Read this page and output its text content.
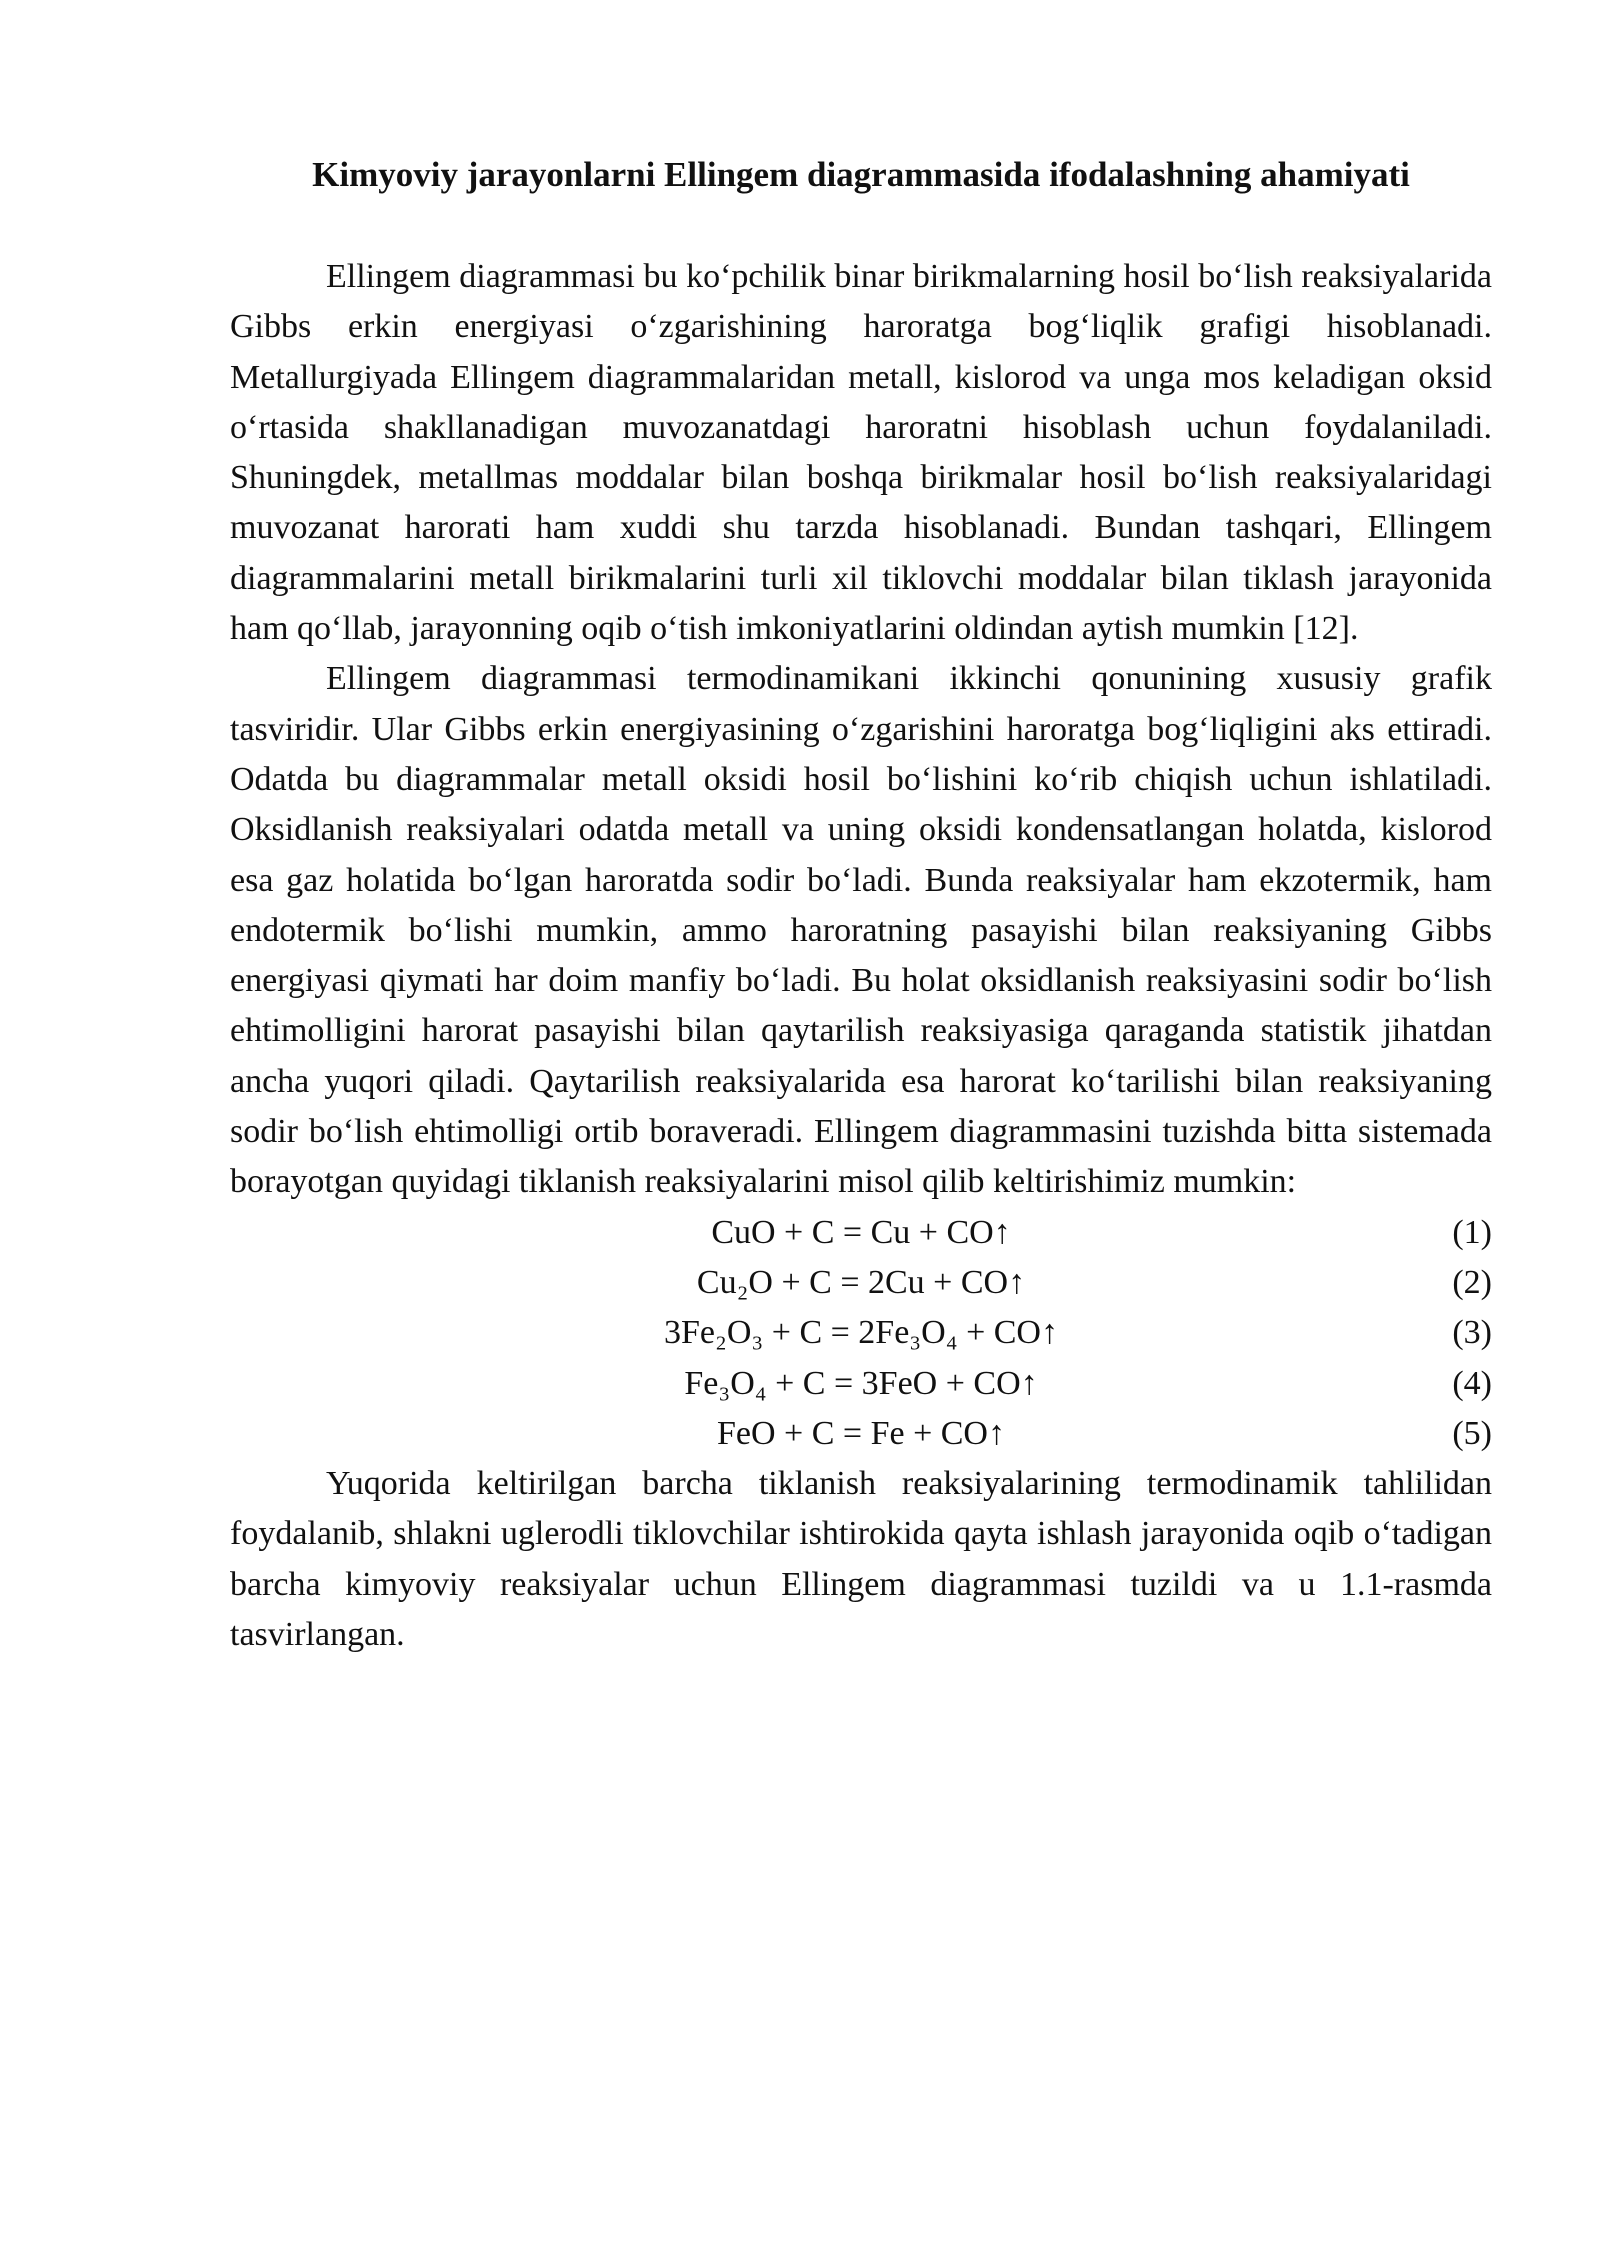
Kimyoviy jarayonlarni Ellingem diagrammasida ifodalashning ahamiyati

Ellingem diagrammasi bu ko‘pchilik binar birikmalarning hosil bo‘lish reaksiyalarida Gibbs erkin energiyasi o‘zgarishining haroratga bog‘liqlik grafigi hisoblanadi. Metallurgiyada Ellingem diagrammalaridan metall, kislorod va unga mos keladigan oksid o‘rtasida shakllanadigan muvozanatdagi haroratni hisoblash uchun foydalaniladi. Shuningdek, metallmas moddalar bilan boshqa birikmalar hosil bo‘lish reaksiyalaridagi muvozanat harorati ham xuddi shu tarzda hisoblanadi. Bundan tashqari, Ellingem diagrammalarini metall birikmalarini turli xil tiklovchi moddalar bilan tiklash jarayonida ham qo‘llab, jarayonning oqib o‘tish imkoniyatlarini oldindan aytish mumkin [12].

Ellingem diagrammasi termodinamikani ikkinchi qonunining xususiy grafik tasviridir. Ular Gibbs erkin energiyasining o‘zgarishini haroratga bog‘liqligini aks ettiradi. Odatda bu diagrammalar metall oksidi hosil bo‘lishini ko‘rib chiqish uchun ishlatiladi. Oksidlanish reaksiyalari odatda metall va uning oksidi kondensatlangan holatda, kislorod esa gaz holatida bo‘lgan haroratda sodir bo‘ladi. Bunda reaksiyalar ham ekzotermik, ham endotermik bo‘lishi mumkin, ammo haroratning pasayishi bilan reaksiyaning Gibbs energiyasi qiymati har doim manfiy bo‘ladi. Bu holat oksidlanish reaksiyasini sodir bo‘lish ehtimolligini harorat pasayishi bilan qaytarilish reaksiyasiga qaraganda statistik jihatdan ancha yuqori qiladi. Qaytarilish reaksiyalarida esa harorat ko‘tarilishi bilan reaksiyaning sodir bo‘lish ehtimolligi ortib boraveradi. Ellingem diagrammasini tuzishda bitta sistemada borayotgan quyidagi tiklanish reaksiyalarini misol qilib keltirishimiz mumkin:

CuO + C = Cu + CO↑	(1)
Cu₂O + C = 2Cu + CO↑	(2)
3Fe₂O₃ + C = 2Fe₃O₄ + CO↑	(3)
Fe₃O₄ + C = 3FeO + CO↑	(4)
FeO + C = Fe + CO↑	(5)

Yuqorida keltirilgan barcha tiklanish reaksiyalarining termodinamik tahlilidan foydalanib, shlakni uglerodli tiklovchilar ishtirokida qayta ishlash jarayonida oqib o‘tadigan barcha kimyoviy reaksiyalar uchun Ellingem diagrammasi tuzildi va u 1.1-rasmda tasvirlangan.
